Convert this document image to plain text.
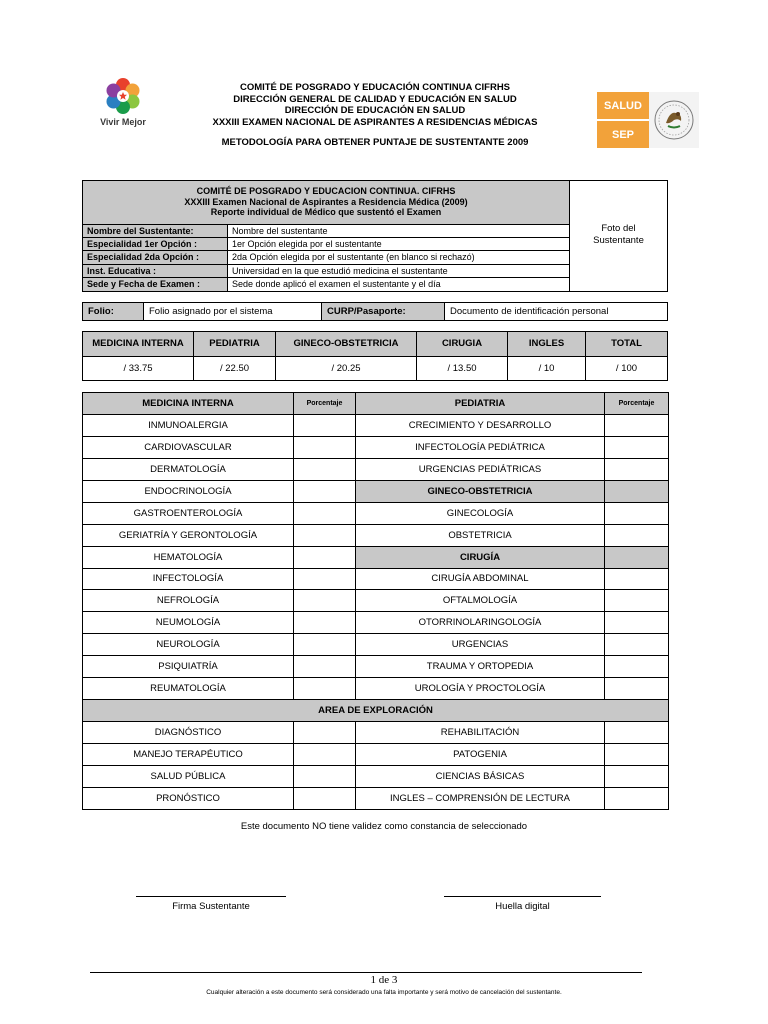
Vivir Mejor
COMITÉ DE POSGRADO Y EDUCACIÓN CONTINUA CIFRHS
DIRECCIÓN GENERAL DE CALIDAD Y EDUCACIÓN EN SALUD
DIRECCIÓN DE EDUCACIÓN EN SALUD
XXXIII EXAMEN NACIONAL DE ASPIRANTES A RESIDENCIAS MÉDICAS
METODOLOGÍA PARA OBTENER PUNTAJE DE SUSTENTANTE 2009
SALUD
SEP
COMITÉ DE POSGRADO Y EDUCACION CONTINUA. CIFRHS
XXXIII Examen Nacional de Aspirantes a Residencia Médica (2009)
Reporte individual de Médico que sustentó el Examen
Nombre del Sustentante:	Nombre del sustentante
Especialidad 1er Opción :	1er Opción elegida por el sustentante
Especialidad 2da Opción :	2da Opción elegida por el sustentante (en blanco si rechazó)
Inst. Educativa :	Universidad en la que estudió medicina el sustentante
Sede y Fecha de Examen :	Sede donde aplicó el examen el sustentante y el día
Foto del
Sustentante
Folio:	Folio asignado por el sistema	CURP/Pasaporte:	Documento de identificación personal
MEDICINA INTERNA	PEDIATRIA	GINECO-OBSTETRICIA	CIRUGIA	INGLES	TOTAL
/ 33.75	/ 22.50	/ 20.25	/ 13.50	/ 10	/ 100
MEDICINA INTERNA	Porcentaje	PEDIATRIA	Porcentaje
INMUNOALERGIA		CRECIMIENTO Y DESARROLLO	
CARDIOVASCULAR		INFECTOLOGÍA PEDIÁTRICA	
DERMATOLOGÍA		URGENCIAS PEDIÁTRICAS	
ENDOCRINOLOGÍA		GINECO-OBSTETRICIA	
GASTROENTEROLOGÍA		GINECOLOGÍA	
GERIATRÍA Y GERONTOLOGÍA		OBSTETRICIA	
HEMATOLOGÍA		CIRUGÍA	
INFECTOLOGÍA		CIRUGÍA ABDOMINAL	
NEFROLOGÍA		OFTALMOLOGÍA	
NEUMOLOGÍA		OTORRINOLARINGOLOGÍA	
NEUROLOGÍA		URGENCIAS	
PSIQUIATRÍA		TRAUMA Y ORTOPEDIA	
REUMATOLOGÍA		UROLOGÍA Y PROCTOLOGÍA	
AREA DE EXPLORACIÓN			
DIAGNÓSTICO		REHABILITACIÓN	
MANEJO TERAPÉUTICO		PATOGENIA	
SALUD PÚBLICA		CIENCIAS BÁSICAS	
PRONÓSTICO		INGLES – COMPRENSIÓN DE LECTURA	
Este documento NO tiene validez como constancia de seleccionado
Firma Sustentante	Huella digital
1 de 3
Cualquier alteración a este documento será considerado una falta importante y será motivo de cancelación del sustentante.
